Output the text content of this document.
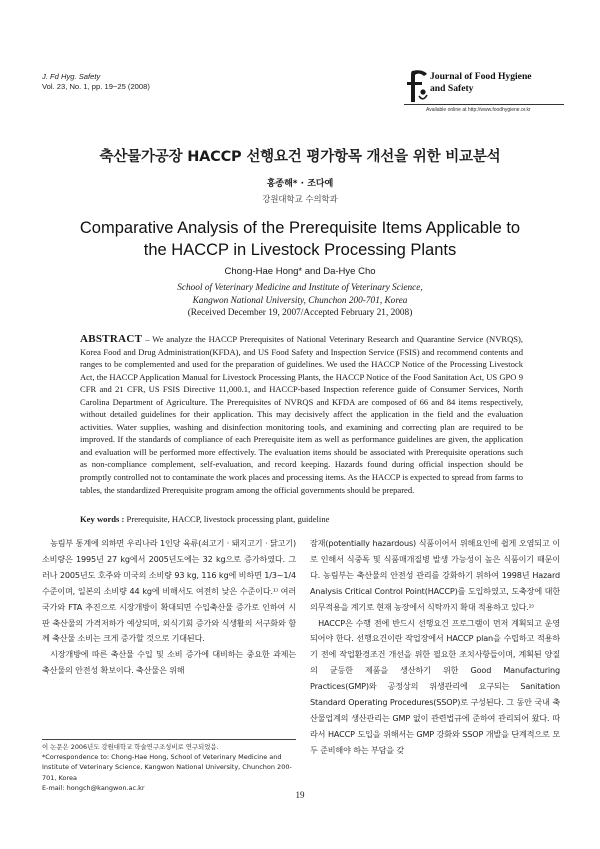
J. Fd Hyg. Safety
Vol. 23, No. 1, pp. 19~25 (2008)
Journal of Food Hygiene
and Safety
Available online at http://www.foodhygiene.or.kr
축산물가공장 HACCP 선행요건 평가항목 개선을 위한 비교분석
홍종해* · 조다예
강원대학교 수의학과
Comparative Analysis of the Prerequisite Items Applicable to
the HACCP in Livestock Processing Plants
Chong-Hae Hong* and Da-Hye Cho
School of Veterinary Medicine and Institute of Veterinary Science,
Kangwon National University, Chunchon 200-701, Korea
(Received December 19, 2007/Accepted February 21, 2008)
ABSTRACT – We analyze the HACCP Prerequisites of National Veterinary Research and Quarantine Service (NVRQS), Korea Food and Drug Administration(KFDA), and US Food Safety and Inspection Service (FSIS) and recommend contents and ranges to be complemented and used for the preparation of guidelines. We used the HACCP Notice of the Processing Livestock Act, the HACCP Application Manual for Livestock Processing Plants, the HACCP Notice of the Food Sanitation Act, US GPO 9 CFR and 21 CFR, US FSIS Directive 11,000.1, and HACCP-based Inspection reference guide of Consumer Services, North Carolina Department of Agriculture. The Prerequisites of NVRQS and KFDA are composed of 66 and 84 items respectively, without detailed guidelines for their application. This may decisively affect the application in the field and the evaluation activities. Water supplies, washing and disinfection monitoring tools, and examining and correcting plan are required to be improved. If the standards of compliance of each Prerequisite item as well as performance guidelines are given, the application and evaluation will be performed more effectively. The evaluation items should be associated with Prerequisite operations such as non-compliance complement, self-evaluation, and record keeping. Hazards found during official inspection should be promptly controlled not to contaminate the work places and processing items. As the HACCP is expected to spread from farms to tables, the standardized Prerequisite program among the official governments should be prepared.
Key words : Prerequisite, HACCP, livestock processing plant, guideline

농림부 통계에 의하면 우리나라 1인당 육류(쇠고기 · 돼지고기 · 닭고기) 소비량은 1995년 27 kg에서 2005년도에는 32 kg으로 증가하였다. 그러나 2005년도 호주와 미국의 소비량 93 kg, 116 kg에 비하면 1/3~1/4 수준이며, 일본의 소비량 44 kg에 비해서도 여전히 낮은 수준이다.¹⁾ 여러 국가와 FTA 추진으로 시장개방이 확대되면 수입축산물 증가로 인하여 시판 축산물의 가격저하가 예상되며, 외식기회 증가와 식생활의 서구화와 함께 축산물 소비는 크게 증가할 것으로 기대된다.

시장개방에 따른 축산물 수입 및 소비 증가에 대비하는 중요한 과제는 축산물의 안전성 확보이다. 축산물은 위해

잠재(potentially hazardous) 식품이어서 위해요인에 쉽게 오염되고 이로 인해서 식중독 및 식품매개질병 발생 가능성이 높은 식품이기 때문이다. 농림부는 축산물의 안전성 관리를 강화하기 위하여 1998년 Hazard Analysis Critical Control Point(HACCP)를 도입하였고, 도축장에 대한 의무적용을 계기로 현재 농장에서 식탁까지 확대 적용하고 있다.²⁾

HACCP은 수행 전에 반드시 선행요건 프로그램이 먼저 계획되고 운영되어야 한다. 선행요건이란 작업장에서 HACCP plan을 수립하고 적용하기 전에 작업환경조건 개선을 위한 필요한 조치사항들이며, 계획된 양질의 균등한 제품을 생산하기 위한 Good Manufacturing Practices(GMP)와 공정상의 위생관리에 요구되는 Sanitation Standard Operating Procedures(SSOP)로 구성된다. 그 동안 국내 축산물업계의 생산관리는 GMP 없이 관련법규에 준하여 관리되어 왔다. 따라서 HACCP 도입을 위해서는 GMP 강화와 SSOP 개발을 단계적으로 모두 준비해야 하는 부담을 갖

이 논문은 2006년도 강원대학교 학술연구조성비로 연구되었음.
*Correspondence to: Chong-Hae Hong, School of Veterinary Medicine and Institute of Veterinary Science, Kangwon National University, Chunchon 200-701, Korea
E-mail: hongch@kangwon.ac.kr
19
